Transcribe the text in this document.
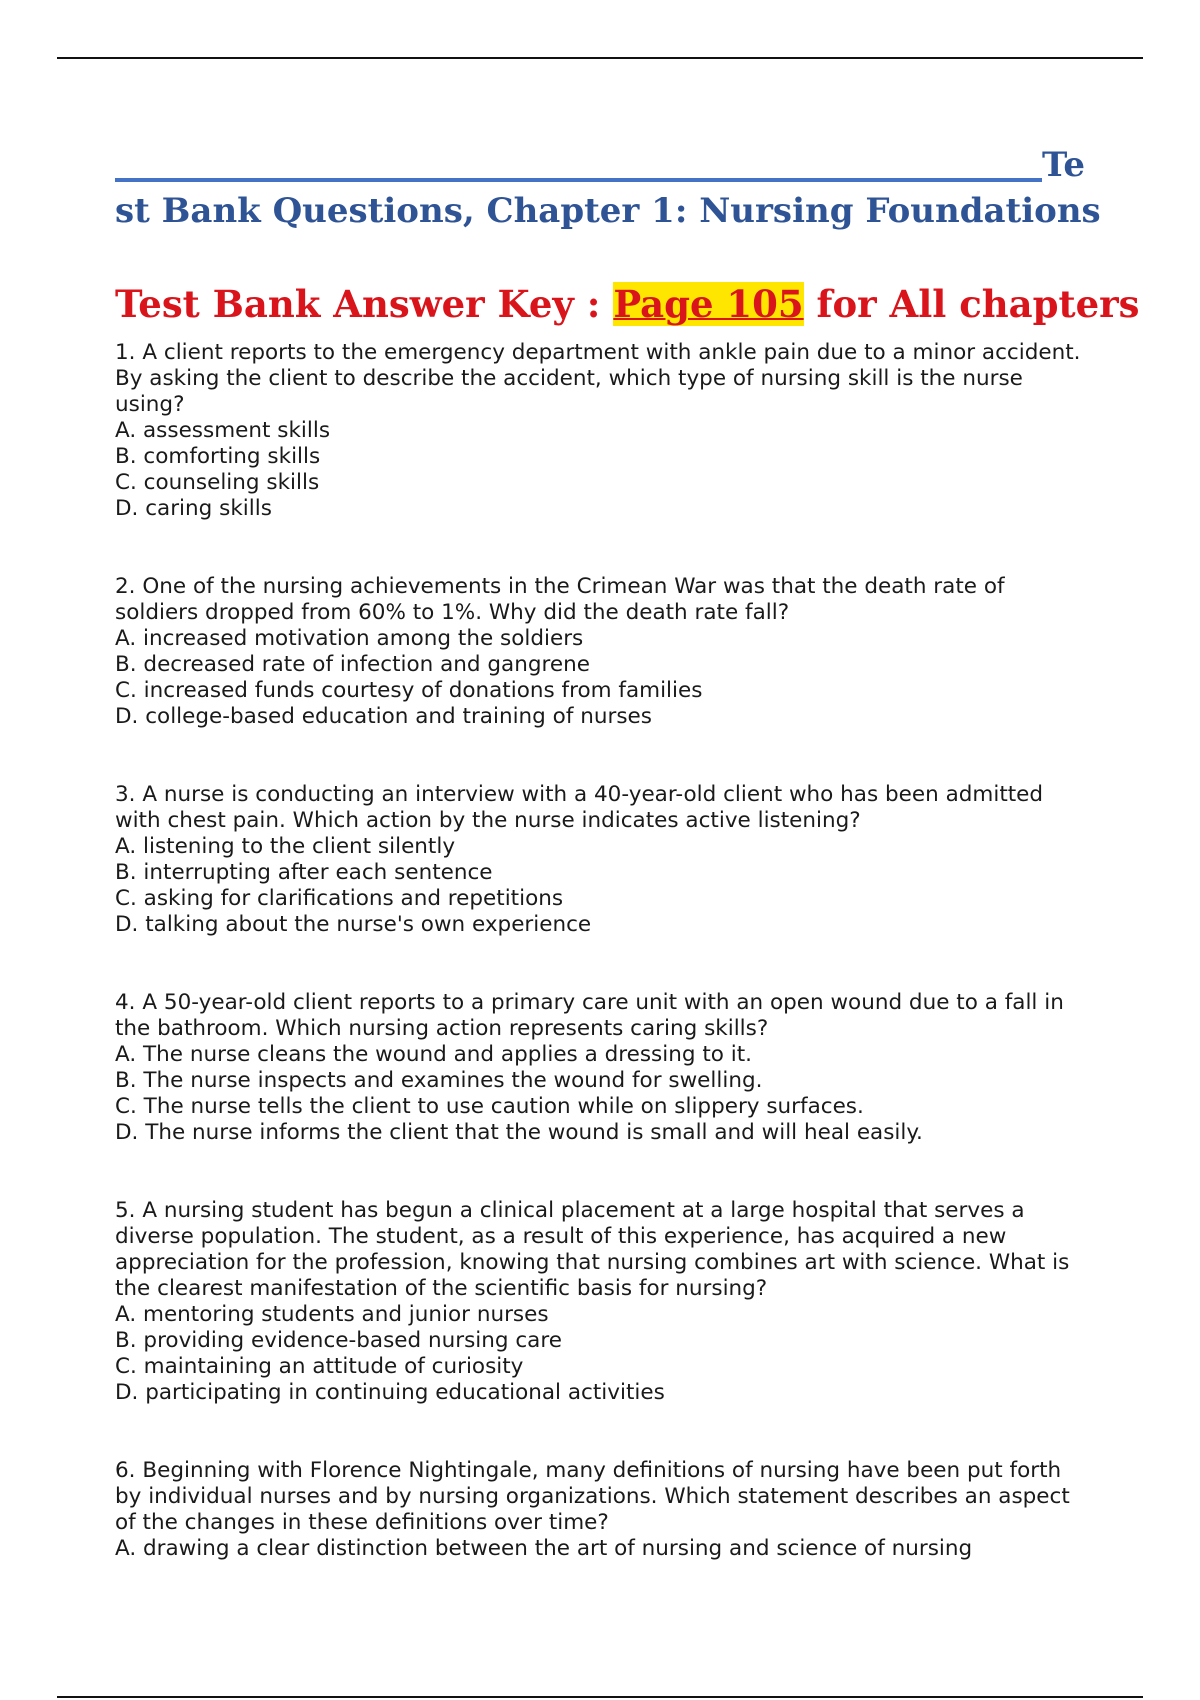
Te
st Bank Questions, Chapter 1: Nursing Foundations
Test Bank Answer Key : Page 105 for All chapters

1. A client reports to the emergency department with ankle pain due to a minor accident. By asking the client to describe the accident, which type of nursing skill is the nurse using?

A. assessment skills
B. comforting skills
C. counseling skills
D. caring skills

2. One of the nursing achievements in the Crimean War was that the death rate of soldiers dropped from 60% to 1%. Why did the death rate fall?

A. increased motivation among the soldiers
B. decreased rate of infection and gangrene
C. increased funds courtesy of donations from families
D. college-based education and training of nurses

3. A nurse is conducting an interview with a 40-year-old client who has been admitted with chest pain. Which action by the nurse indicates active listening?

A. listening to the client silently
B. interrupting after each sentence
C. asking for clarifications and repetitions
D. talking about the nurse's own experience

4. A 50-year-old client reports to a primary care unit with an open wound due to a fall in the bathroom. Which nursing action represents caring skills?

A. The nurse cleans the wound and applies a dressing to it.
B. The nurse inspects and examines the wound for swelling.
C. The nurse tells the client to use caution while on slippery surfaces.
D. The nurse informs the client that the wound is small and will heal easily.

5. A nursing student has begun a clinical placement at a large hospital that serves a diverse population. The student, as a result of this experience, has acquired a new appreciation for the profession, knowing that nursing combines art with science. What is the clearest manifestation of the scientific basis for nursing?

A. mentoring students and junior nurses
B. providing evidence-based nursing care
C. maintaining an attitude of curiosity
D. participating in continuing educational activities

6. Beginning with Florence Nightingale, many definitions of nursing have been put forth by individual nurses and by nursing organizations. Which statement describes an aspect of the changes in these definitions over time?

A. drawing a clear distinction between the art of nursing and science of nursing
